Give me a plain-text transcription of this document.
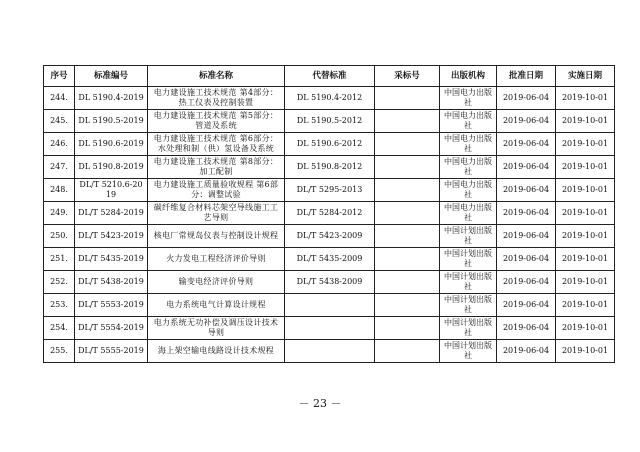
序号	标准编号	标准名称	代替标准	采标号	出版机构	批准日期	实施日期
244.	DL 5190.4-2019	电力建设施工技术规范 第4部分：热工仪表及控制装置	DL 5190.4-2012		中国电力出版社	2019-06-04	2019-10-01
245.	DL 5190.5-2019	电力建设施工技术规范 第5部分：管道及系统	DL 5190.5-2012		中国电力出版社	2019-06-04	2019-10-01
246.	DL 5190.6-2019	电力建设施工技术规范 第6部分：水处理和制（供）氢设备及系统	DL 5190.6-2012		中国电力出版社	2019-06-04	2019-10-01
247.	DL 5190.8-2019	电力建设施工技术规范 第8部分：加工配制	DL 5190.8-2012		中国电力出版社	2019-06-04	2019-10-01
248.	DL/T 5210.6-2019	电力建设施工质量验收规程 第6部分：调整试验	DL/T 5295-2013		中国电力出版社	2019-06-04	2019-10-01
249.	DL/T 5284-2019	碳纤维复合材料芯架空导线施工工艺导则	DL/T 5284-2012		中国电力出版社	2019-06-04	2019-10-01
250.	DL/T 5423-2019	核电厂常规岛仪表与控制设计规程	DL/T 5423-2009		中国计划出版社	2019-06-04	2019-10-01
251.	DL/T 5435-2019	火力发电工程经济评价导则	DL/T 5435-2009		中国计划出版社	2019-06-04	2019-10-01
252.	DL/T 5438-2019	输变电经济评价导则	DL/T 5438-2009		中国计划出版社	2019-06-04	2019-10-01
253.	DL/T 5553-2019	电力系统电气计算设计规程			中国计划出版社	2019-06-04	2019-10-01
254.	DL/T 5554-2019	电力系统无功补偿及调压设计技术导则			中国计划出版社	2019-06-04	2019-10-01
255.	DL/T 5555-2019	海上架空输电线路设计技术规程			中国计划出版社	2019-06-04	2019-10-01
－ 23 －
